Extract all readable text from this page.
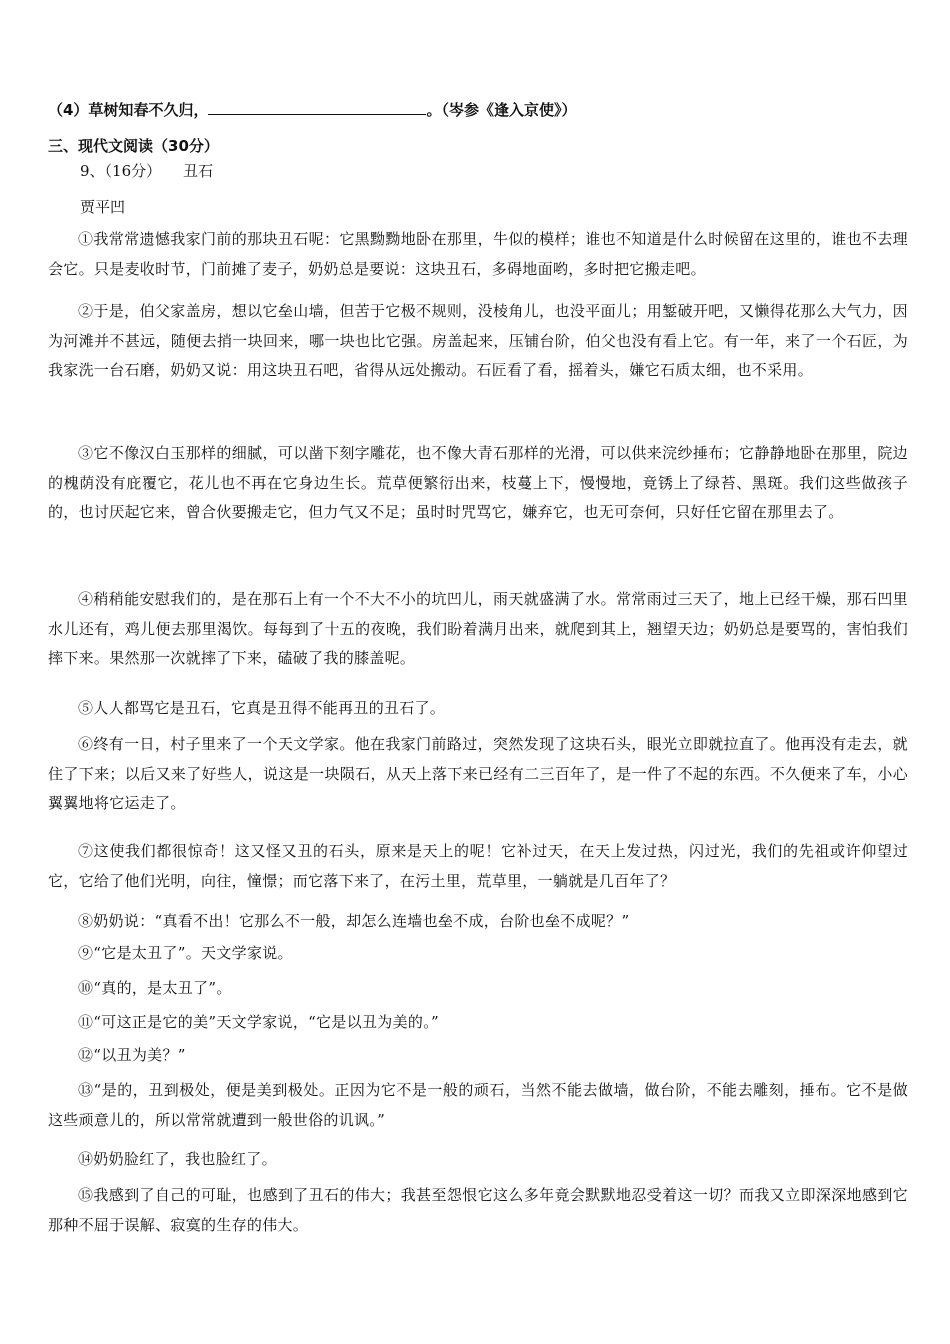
（4）草树知春不久归，	。（岑参《逢入京使》）
三、现代文阅读（30分）
9、（16分） 丑石
贾平凹
①我常常遗憾我家门前的那块丑石呢：它黑黝黝地卧在那里，牛似的模样；谁也不知道是什么时候留在这里的，谁也不去理会它。只是麦收时节，门前摊了麦子，奶奶总是要说：这块丑石，多碍地面哟，多时把它搬走吧。
②于是，伯父家盖房，想以它垒山墙，但苦于它极不规则，没棱角儿，也没平面儿；用錾破开吧，又懒得花那么大气力，因为河滩并不甚远，随便去捎一块回来，哪一块也比它强。房盖起来，压铺台阶，伯父也没有看上它。有一年，来了一个石匠，为我家洗一台石磨，奶奶又说：用这块丑石吧，省得从远处搬动。石匠看了看，摇着头，嫌它石质太细，也不采用。
③它不像汉白玉那样的细腻，可以凿下刻字雕花，也不像大青石那样的光滑，可以供来浣纱捶布；它静静地卧在那里，院边的槐荫没有庇覆它，花儿也不再在它身边生长。荒草便繁衍出来，枝蔓上下，慢慢地，竟锈上了绿苔、黑斑。我们这些做孩子的，也讨厌起它来，曾合伙要搬走它，但力气又不足；虽时时咒骂它，嫌弃它，也无可奈何，只好任它留在那里去了。
④稍稍能安慰我们的，是在那石上有一个不大不小的坑凹儿，雨天就盛满了水。常常雨过三天了，地上已经干燥，那石凹里水儿还有，鸡儿便去那里渴饮。每每到了十五的夜晚，我们盼着满月出来，就爬到其上，翘望天边；奶奶总是要骂的，害怕我们摔下来。果然那一次就摔了下来，磕破了我的膝盖呢。
⑤人人都骂它是丑石，它真是丑得不能再丑的丑石了。
⑥终有一日，村子里来了一个天文学家。他在我家门前路过，突然发现了这块石头，眼光立即就拉直了。他再没有走去，就住了下来；以后又来了好些人，说这是一块陨石，从天上落下来已经有二三百年了，是一件了不起的东西。不久便来了车，小心翼翼地将它运走了。
⑦这使我们都很惊奇！这又怪又丑的石头，原来是天上的呢！它补过天，在天上发过热，闪过光，我们的先祖或许仰望过它，它给了他们光明，向往，憧憬；而它落下来了，在污土里，荒草里，一躺就是几百年了？
⑧奶奶说：“真看不出！它那么不一般，却怎么连墙也垒不成，台阶也垒不成呢？”
⑨“它是太丑了”。天文学家说。
⑩“真的，是太丑了”。
⑪“可这正是它的美”天文学家说，“它是以丑为美的。”
⑫“以丑为美？”
⑬“是的，丑到极处，便是美到极处。正因为它不是一般的顽石，当然不能去做墙，做台阶，不能去雕刻，捶布。它不是做这些顽意儿的，所以常常就遭到一般世俗的讥讽。”
⑭奶奶脸红了，我也脸红了。
⑮我感到了自己的可耻，也感到了丑石的伟大；我甚至怨恨它这么多年竟会默默地忍受着这一切？而我又立即深深地感到它那种不屈于误解、寂寞的生存的伟大。
